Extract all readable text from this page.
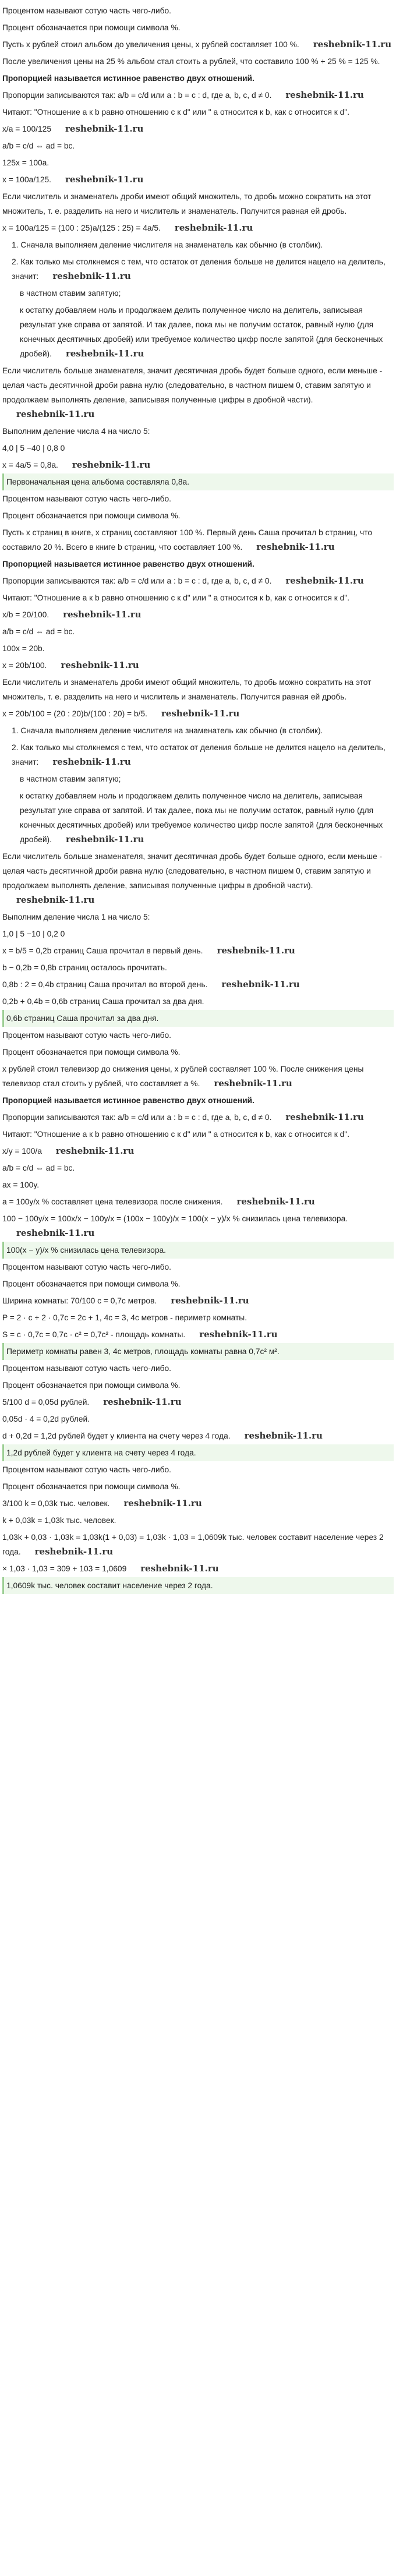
Процентом называют сотую часть чего-либо.

Процент обозначается при помощи символа %.

Пусть x рублей стоил альбом до увеличения цены, x рублей составляет 100 %. reshebnik-11.ru

После увеличения цены на 25 % альбом стал стоить a рублей, что составило 100 % + 25 % = 125 %.

Пропорцией называется истинное равенство двух отношений.

Пропорции записываются так: a/b = c/d или a : b = c : d, где a, b, c, d ≠ 0. reshebnik-11.ru

Читают: "Отношение a к b равно отношению c к d" или " a относится к b, как c относится к d".

x/a = 100/125 reshebnik-11.ru

a/b = c/d ⇔ ad = bc.

125x = 100a.

x = 100a/125. reshebnik-11.ru

Если числитель и знаменатель дроби имеют общий множитель, то дробь можно сократить на этот множитель, т. е. разделить на него и числитель и знаменатель. Получится равная ей дробь.

x = 100a/125 = (100 : 25)a/(125 : 25) = 4a/5. reshebnik-11.ru

1. Сначала выполняем деление числителя на знаменатель как обычно (в столбик).

2. Как только мы столкнемся с тем, что остаток от деления больше не делится нацело на делитель, значит: reshebnik-11.ru

в частном ставим запятую;

к остатку добавляем ноль и продолжаем делить полученное число на делитель, записывая результат уже справа от запятой. И так далее, пока мы не получим остаток, равный нулю (для конечных десятичных дробей) или требуемое количество цифр после запятой (для бесконечных дробей). reshebnik-11.ru

Если числитель больше знаменателя, значит десятичная дробь будет больше одного, если меньше - целая часть десятичной дроби равна нулю (следовательно, в частном пишем 0, ставим запятую и продолжаем выполнять деление, записывая полученные цифры в дробной части).reshebnik-11.ru

Выполним деление числа 4 на число 5:

4,0 | 5 −40 | 0,8 0

x = 4a/5 = 0,8a. reshebnik-11.ru

Первоначальная цена альбома составляла 0,8a.

Процентом называют сотую часть чего-либо.

Процент обозначается при помощи символа %.

Пусть x страниц в книге, x страниц составляют 100 %. Первый день Саша прочитал b страниц, что составило 20 %. Всего в книге b страниц, что составляет 100 %. reshebnik-11.ru

Пропорцией называется истинное равенство двух отношений.

Пропорции записываются так: a/b = c/d или a : b = c : d, где a, b, c, d ≠ 0. reshebnik-11.ru

Читают: "Отношение a к b равно отношению c к d" или " a относится к b, как c относится к d".

x/b = 20/100. reshebnik-11.ru

a/b = c/d ⇔ ad = bc.

100x = 20b.

x = 20b/100. reshebnik-11.ru

Если числитель и знаменатель дроби имеют общий множитель, то дробь можно сократить на этот множитель, т. е. разделить на него и числитель и знаменатель. Получится равная ей дробь.

x = 20b/100 = (20 : 20)b/(100 : 20) = b/5. reshebnik-11.ru

1. Сначала выполняем деление числителя на знаменатель как обычно (в столбик).

2. Как только мы столкнемся с тем, что остаток от деления больше не делится нацело на делитель, значит: reshebnik-11.ru

в частном ставим запятую;

к остатку добавляем ноль и продолжаем делить полученное число на делитель, записывая результат уже справа от запятой. И так далее, пока мы не получим остаток, равный нулю (для конечных десятичных дробей) или требуемое количество цифр после запятой (для бесконечных дробей). reshebnik-11.ru

Если числитель больше знаменателя, значит десятичная дробь будет больше одного, если меньше - целая часть десятичной дроби равна нулю (следовательно, в частном пишем 0, ставим запятую и продолжаем выполнять деление, записывая полученные цифры в дробной части).reshebnik-11.ru

Выполним деление числа 1 на число 5:

1,0 | 5 −10 | 0,2 0

x = b/5 = 0,2b страниц Саша прочитал в первый день. reshebnik-11.ru

b − 0,2b = 0,8b страниц осталось прочитать.

0,8b : 2 = 0,4b страниц Саша прочитал во второй день. reshebnik-11.ru

0,2b + 0,4b = 0,6b страниц Саша прочитал за два дня.

0,6b страниц Саша прочитал за два дня.

Процентом называют сотую часть чего-либо.

Процент обозначается при помощи символа %.

x рублей стоил телевизор до снижения цены, x рублей составляет 100 %. После снижения цены телевизор стал стоить y рублей, что составляет a %. reshebnik-11.ru

Пропорцией называется истинное равенство двух отношений.

Пропорции записываются так: a/b = c/d или a : b = c : d, где a, b, c, d ≠ 0. reshebnik-11.ru

Читают: "Отношение a к b равно отношению c к d" или " a относится к b, как c относится к d".

x/y = 100/a reshebnik-11.ru

a/b = c/d ⇔ ad = bc.

ax = 100y.

a = 100y/x % составляет цена телевизора после снижения. reshebnik-11.ru

100 − 100y/x = 100x/x − 100y/x = (100x − 100y)/x = 100(x − y)/x % снизилась цена телевизора.reshebnik-11.ru

100(x − y)/x % снизилась цена телевизора.

Процентом называют сотую часть чего-либо.

Процент обозначается при помощи символа %.

Ширина комнаты: 70/100 c = 0,7c метров. reshebnik-11.ru

P = 2 · c + 2 · 0,7c = 2c + 1, 4c = 3, 4c метров - периметр комнаты.

S = c · 0,7c = 0,7c · c² = 0,7c² - площадь комнаты. reshebnik-11.ru

Периметр комнаты равен 3, 4c метров, площадь комнаты равна 0,7c² м².

Процентом называют сотую часть чего-либо.

Процент обозначается при помощи символа %.

5/100 d = 0,05d рублей. reshebnik-11.ru

0,05d · 4 = 0,2d рублей.

d + 0,2d = 1,2d рублей будет у клиента на счету через 4 года. reshebnik-11.ru

1,2d рублей будет у клиента на счету через 4 года.

Процентом называют сотую часть чего-либо.

Процент обозначается при помощи символа %.

3/100 k = 0,03k тыс. человек. reshebnik-11.ru

k + 0,03k = 1,03k тыс. человек.

1,03k + 0,03 · 1,03k = 1,03k(1 + 0,03) = 1,03k · 1,03 = 1,0609k тыс. человек составит население через 2 года. reshebnik-11.ru

× 1,03 · 1,03 = 309 + 103 = 1,0609 reshebnik-11.ru

1,0609k тыс. человек составит население через 2 года.
